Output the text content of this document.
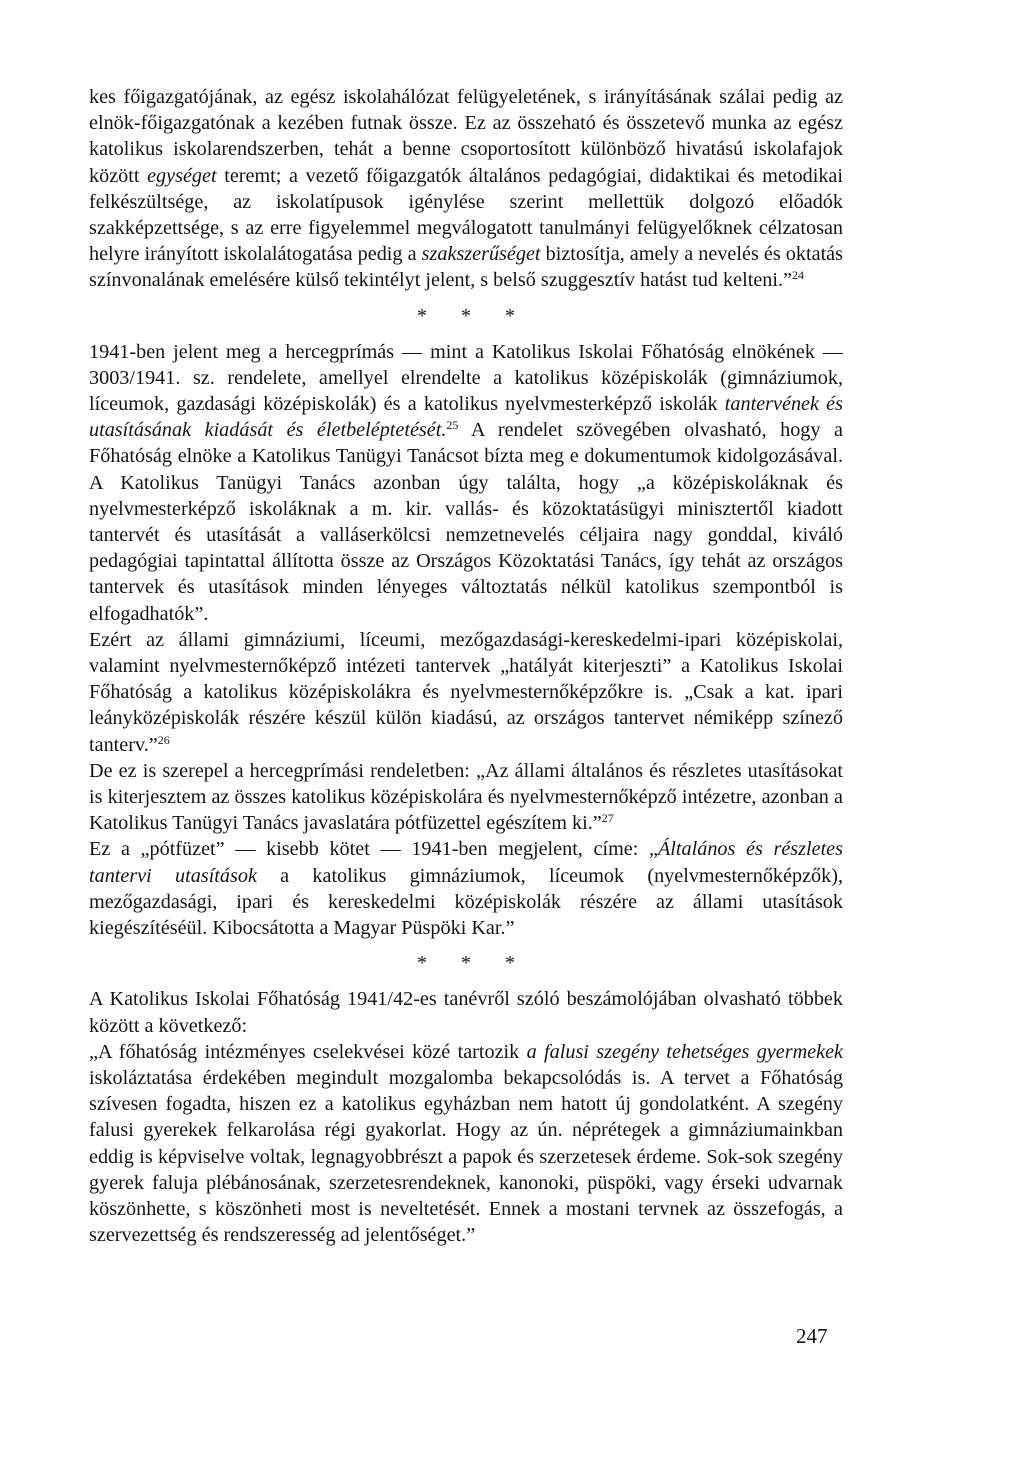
kes főigazgatójának, az egész iskolahálózat felügyeletének, s irányításának szálai pedig az elnök-főigazgatónak a kezében futnak össze. Ez az összeható és összetevő munka az egész katolikus iskolarendszerben, tehát a benne csoportosított különböző hivatású iskolafajok között egységet teremt; a vezető főigazgatók általános pedagógiai, didaktikai és metodikai felkészültsége, az iskolatípusok igénylése szerint mellettük dolgozó előadók szakképzettsége, s az erre figyelemmel megválogatott tanulmányi felügyelőknek célzatosan helyre irányított iskolalátogatása pedig a szakszerűséget biztosítja, amely a nevelés és oktatás színvonalának emelésére külső tekintélyt jelent, s belső szuggesztív hatást tud kelteni.”$^{24}$

***

1941-ben jelent meg a hercegprímás — mint a Katolikus Iskolai Főhatóság elnökének — 3003/1941. sz. rendelete, amellyel elrendelte a katolikus középiskolák (gimnáziumok, líceumok, gazdasági középiskolák) és a katolikus nyelvmesterképző iskolák tantervének és utasításának kiadását és életbeléptetését.$^{25}$ A rendelet szövegében olvasható, hogy a Főhatóság elnöke a Katolikus Tanügyi Tanácsot bízta meg e dokumentumok kidolgozásával. A Katolikus Tanügyi Tanács azonban úgy találta, hogy „a középiskoláknak és nyelvmesterképző iskoláknak a m. kir. vallás- és közoktatásügyi minisztertől kiadott tantervét és utasítását a valláserkölcsi nemzetnevelés céljaira nagy gonddal, kiváló pedagógiai tapintattal állította össze az Országos Közoktatási Tanács, így tehát az országos tantervek és utasítások minden lényeges változtatás nélkül katolikus szempontból is elfogadhatók”.

Ezért az állami gimnáziumi, líceumi, mezőgazdasági-kereskedelmi-ipari középiskolai, valamint nyelvmesternőképző intézeti tantervek „hatályát kiterjeszti” a Katolikus Iskolai Főhatóság a katolikus középiskolákra és nyelvmesternőképzőkre is. „Csak a kat. ipari leányközépiskolák részére készül külön kiadású, az országos tantervet némiképp színező tanterv.”$^{26}$

De ez is szerepel a hercegprímási rendeletben: „Az állami általános és részletes utasításokat is kiterjesztem az összes katolikus középiskolára és nyelvmesternőképző intézetre, azonban a Katolikus Tanügyi Tanács javaslatára pótfüzettel egészítem ki.”$^{27}$

Ez a „pótfüzet” — kisebb kötet — 1941-ben megjelent, címe: „Általános és részletes tantervi utasítások a katolikus gimnáziumok, líceumok (nyelvmesternőképzők), mezőgazdasági, ipari és kereskedelmi középiskolák részére az állami utasítások kiegészítéséül. Kibocsátotta a Magyar Püspöki Kar.”

***

A Katolikus Iskolai Főhatóság 1941/42-es tanévről szóló beszámolójában olvasható többek között a következő:

„A főhatóság intézményes cselekvései közé tartozik a falusi szegény tehetséges gyermekek iskoláztatása érdekében megindult mozgalomba bekapcsolódás is. A tervet a Főhatóság szívesen fogadta, hiszen ez a katolikus egyházban nem hatott új gondolatként. A szegény falusi gyerekek felkarolása régi gyakorlat. Hogy az ún. néprétegek a gimnáziumainkban eddig is képviselve voltak, legnagyobbrészt a papok és szerzetesek érdeme. Sok-sok szegény gyerek faluja plébánosának, szerzetesrendeknek, kanonoki, püspöki, vagy érseki udvarnak köszönhette, s köszönheti most is neveltetését. Ennek a mostani tervnek az összefogás, a szervezettség és rendszeresség ad jelentőséget.”

247
